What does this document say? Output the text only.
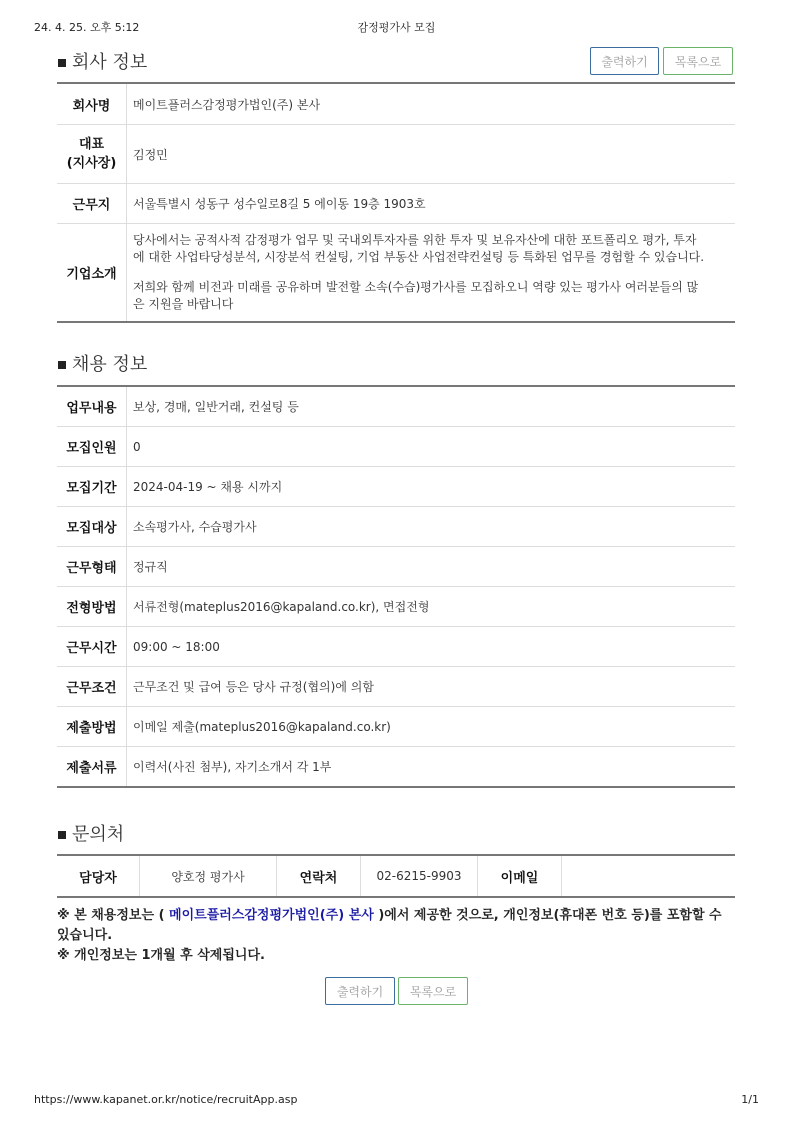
24. 4. 25. 오후 5:12	감정평가사 모집
회사 정보	출력하기	목록으로
회사명	메이트플러스감정평가법인(주) 본사

대표
(지사장)	김정민
근무지	서울특별시 성동구 성수일로8길 5 에이동 19층 1903호
기업소개	당사에서는 공적사적 감정평가 업무 및 국내외투자자를 위한 투자 및 보유자산에 대한 포트폴리오 평가, 투자
에 대한 사업타당성분석, 시장분석 컨설팅, 기업 부동산 사업전략컨설팅 등 특화된 업무를 경험할 수 있습니다.
저희와 함께 비전과 미래를 공유하며 발전할 소속(수습)평가사를 모집하오니 역량 있는 평가사 여러분들의 많
은 지원을 바랍니다
채용 정보
업무내용	보상, 경매, 일반거래, 컨설팅 등
모집인원	0
모집기간	2024-04-19 ~ 채용 시까지
모집대상	소속평가사, 수습평가사
근무형태	정규직
전형방법	서류전형(mateplus2016@kapaland.co.kr), 면접전형
근무시간	09:00 ~ 18:00
근무조건	근무조건 및 급여 등은 당사 규정(협의)에 의함
제출방법	이메일 제출(mateplus2016@kapaland.co.kr)
제출서류	이력서(사진 첨부), 자기소개서 각 1부
문의처
담당자	양호정 평가사	연락처	02-6215-9903	이메일	
※ 본 채용정보는 ( 메이트플러스감정평가법인(주) 본사 )에서 제공한 것으로, 개인정보(휴대폰 번호 등)를 포함할 수 있습니다.
※ 개인정보는 1개월 후 삭제됩니다.
출력하기	목록으로
https://www.kapanet.or.kr/notice/recruitApp.asp	1/1
